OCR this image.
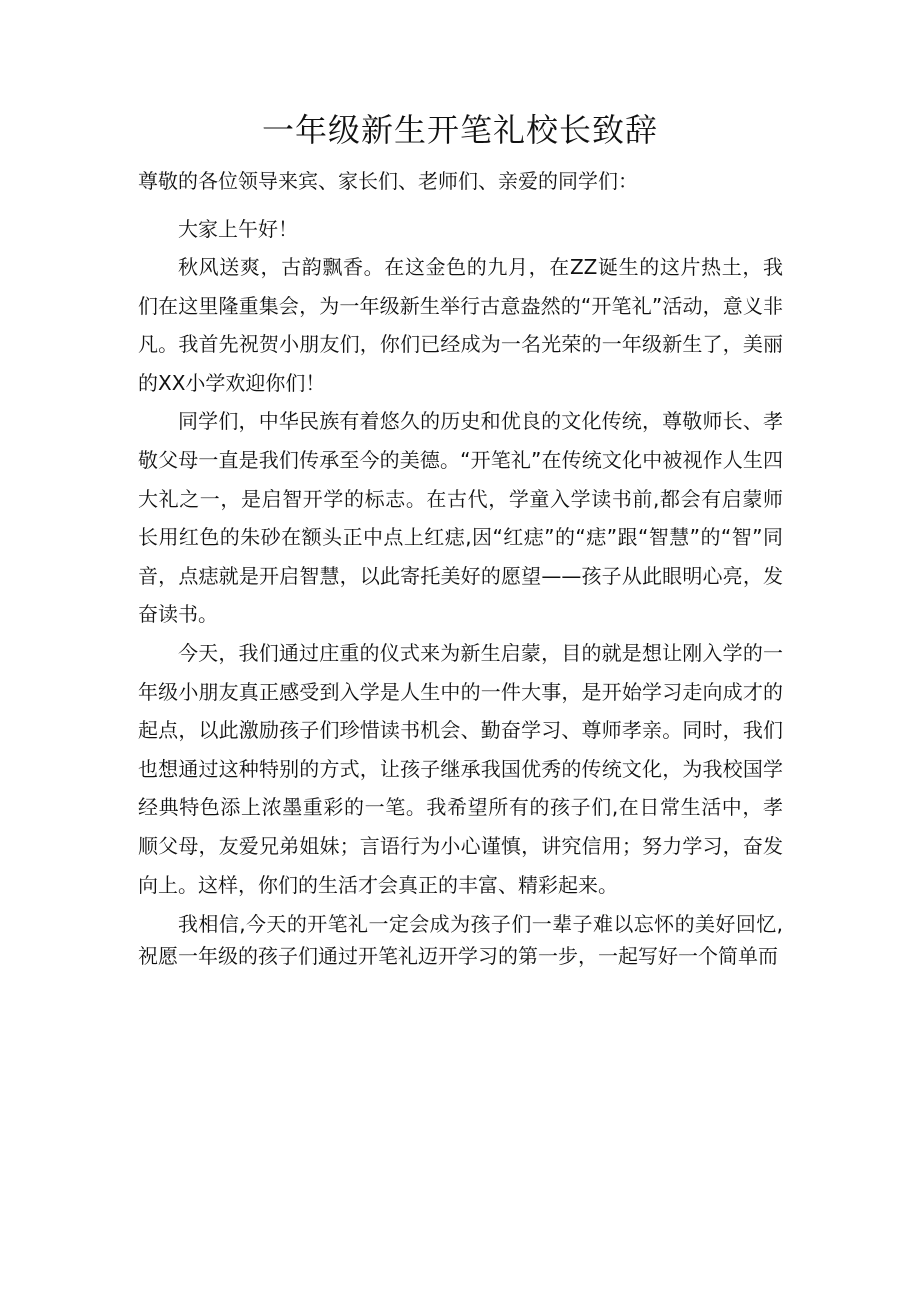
一年级新生开笔礼校长致辞

尊敬的各位领导来宾、家长们、老师们、亲爱的同学们：

大家上午好！

秋风送爽，古韵飘香。在这金色的九月，在ZZ诞生的这片热土，我们在这里隆重集会，为一年级新生举行古意盎然的“开笔礼”活动，意义非凡。我首先祝贺小朋友们，你们已经成为一名光荣的一年级新生了，美丽的XX小学欢迎你们！

同学们，中华民族有着悠久的历史和优良的文化传统，尊敬师长、孝敬父母一直是我们传承至今的美德。“开笔礼”在传统文化中被视作人生四大礼之一，是启智开学的标志。在古代，学童入学读书前,都会有启蒙师长用红色的朱砂在额头正中点上红痣,因“红痣”的“痣”跟“智慧”的“智”同音，点痣就是开启智慧，以此寄托美好的愿望——孩子从此眼明心亮，发奋读书。

今天，我们通过庄重的仪式来为新生启蒙，目的就是想让刚入学的一年级小朋友真正感受到入学是人生中的一件大事，是开始学习走向成才的起点，以此激励孩子们珍惜读书机会、勤奋学习、尊师孝亲。同时，我们也想通过这种特别的方式，让孩子继承我国优秀的传统文化，为我校国学经典特色添上浓墨重彩的一笔。我希望所有的孩子们,在日常生活中，孝顺父母，友爱兄弟姐妹；言语行为小心谨慎，讲究信用；努力学习，奋发向上。这样，你们的生活才会真正的丰富、精彩起来。

我相信,今天的开笔礼一定会成为孩子们一辈子难以忘怀的美好回忆,祝愿一年级的孩子们通过开笔礼迈开学习的第一步，一起写好一个简单而
